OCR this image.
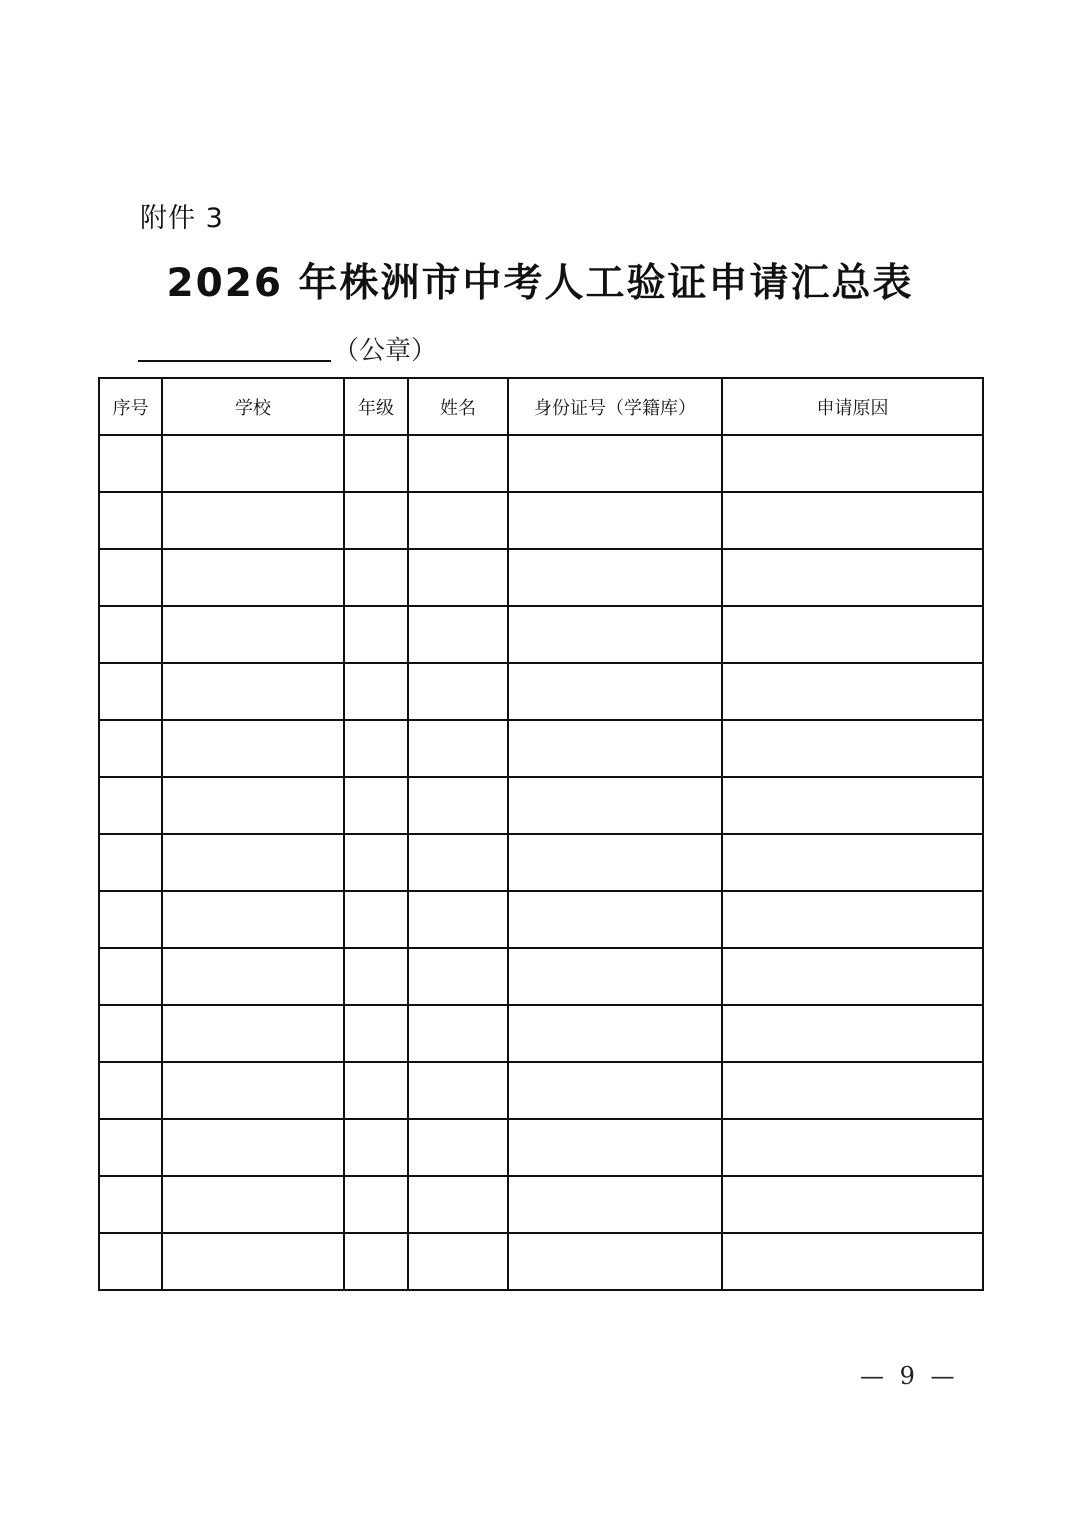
附件 3
2026 年株洲市中考人工验证申请汇总表
（公章）
序号	学校	年级	姓名	身份证号（学籍库）	申请原因

— 9 —
